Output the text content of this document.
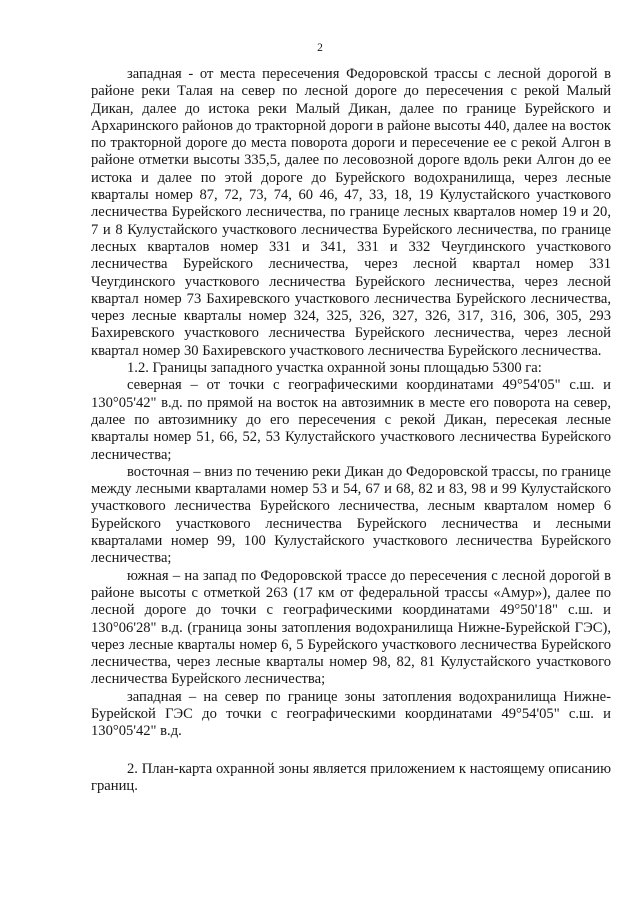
2

западная - от места пересечения Федоровской трассы с лесной дорогой в районе реки Талая на север по лесной дороге до пересечения с рекой Малый Дикан, далее до истока реки Малый Дикан, далее по границе Бурейского и Архаринского районов до тракторной дороги в районе высоты 440, далее на восток по тракторной дороге до места поворота дороги и пересечение ее с рекой Алгон в районе отметки высоты 335,5, далее по лесовозной дороге вдоль реки Алгон до ее истока и далее по этой дороге до Бурейского водохранилища, через лесные кварталы номер 87, 72, 73, 74, 60 46, 47, 33, 18, 19 Кулустайского участкового лесничества Бурейского лесничества, по границе лесных кварталов номер 19 и 20, 7 и 8 Кулустайского участкового лесничества Бурейского лесничества, по границе лесных кварталов номер 331 и 341, 331 и 332 Чеугдинского участкового лесничества Бурейского лесничества, через лесной квартал номер 331 Чеугдинского участкового лесничества Бурейского лесничества, через лесной квартал номер 73 Бахиревского участкового лесничества Бурейского лесничества, через лесные кварталы номер 324, 325, 326, 327, 326, 317, 316, 306, 305, 293 Бахиревского участкового лесничества Бурейского лесничества, через лесной квартал номер 30 Бахиревского участкового лесничества Бурейского лесничества.

1.2. Границы западного участка охранной зоны площадью 5300 га:

северная – от точки с географическими координатами 49°54'05" с.ш. и 130°05'42" в.д. по прямой на восток на автозимник в месте его поворота на север, далее по автозимнику до его пересечения с рекой Дикан, пересекая лесные кварталы номер 51, 66, 52, 53 Кулустайского участкового лесничества Бурейского лесничества;

восточная – вниз по течению реки Дикан до Федоровской трассы, по границе между лесными кварталами номер 53 и 54, 67 и 68, 82 и 83, 98 и 99 Кулустайского участкового лесничества Бурейского лесничества, лесным кварталом номер 6 Бурейского участкового лесничества Бурейского лесничества и лесными кварталами номер 99, 100 Кулустайского участкового лесничества Бурейского лесничества;

южная – на запад по Федоровской трассе до пересечения с лесной дорогой в районе высоты с отметкой 263 (17 км от федеральной трассы «Амур»), далее по лесной дороге до точки с географическими координатами 49°50'18" с.ш. и 130°06'28" в.д. (граница зоны затопления водохранилища Нижне-Бурейской ГЭС), через лесные кварталы номер 6, 5 Бурейского участкового лесничества Бурейского лесничества, через лесные кварталы номер 98, 82, 81 Кулустайского участкового лесничества Бурейского лесничества;

западная – на север по границе зоны затопления водохранилища Нижне-Бурейской ГЭС до точки с географическими координатами 49°54'05" с.ш. и 130°05'42" в.д.

2. План-карта охранной зоны является приложением к настоящему описанию границ.
